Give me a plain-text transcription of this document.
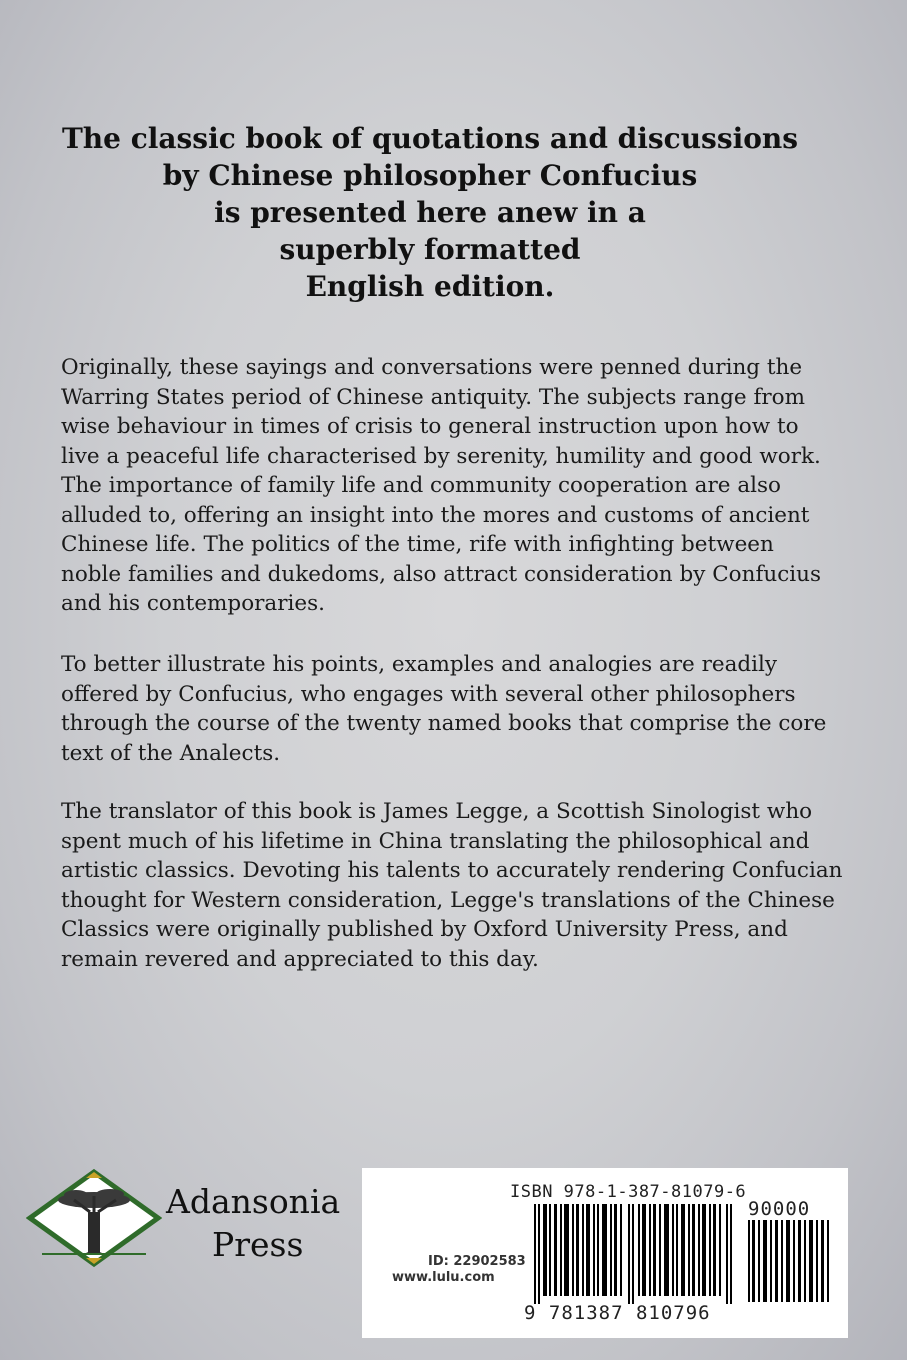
The classic book of quotations and discussions
by Chinese philosopher Confucius
is presented here anew in a
superbly formatted
English edition.
Originally, these sayings and conversations were penned during the
Warring States period of Chinese antiquity. The subjects range from
wise behaviour in times of crisis to general instruction upon how to
live a peaceful life characterised by serenity, humility and good work.
The importance of family life and community cooperation are also
alluded to, offering an insight into the mores and customs of ancient
Chinese life. The politics of the time, rife with infighting between
noble families and dukedoms, also attract consideration by Confucius
and his contemporaries.
To better illustrate his points, examples and analogies are readily
offered by Confucius, who engages with several other philosophers
through the course of the twenty named books that comprise the core
text of the Analects.
The translator of this book is James Legge, a Scottish Sinologist who
spent much of his lifetime in China translating the philosophical and
artistic classics. Devoting his talents to accurately rendering Confucian
thought for Western consideration, Legge's translations of the Chinese
Classics were originally published by Oxford University Press, and
remain revered and appreciated to this day.
Adansonia
Press
ISBN 978-1-387-81079-6
ID: 22902583
www.lulu.com
9 781387 810796
90000
